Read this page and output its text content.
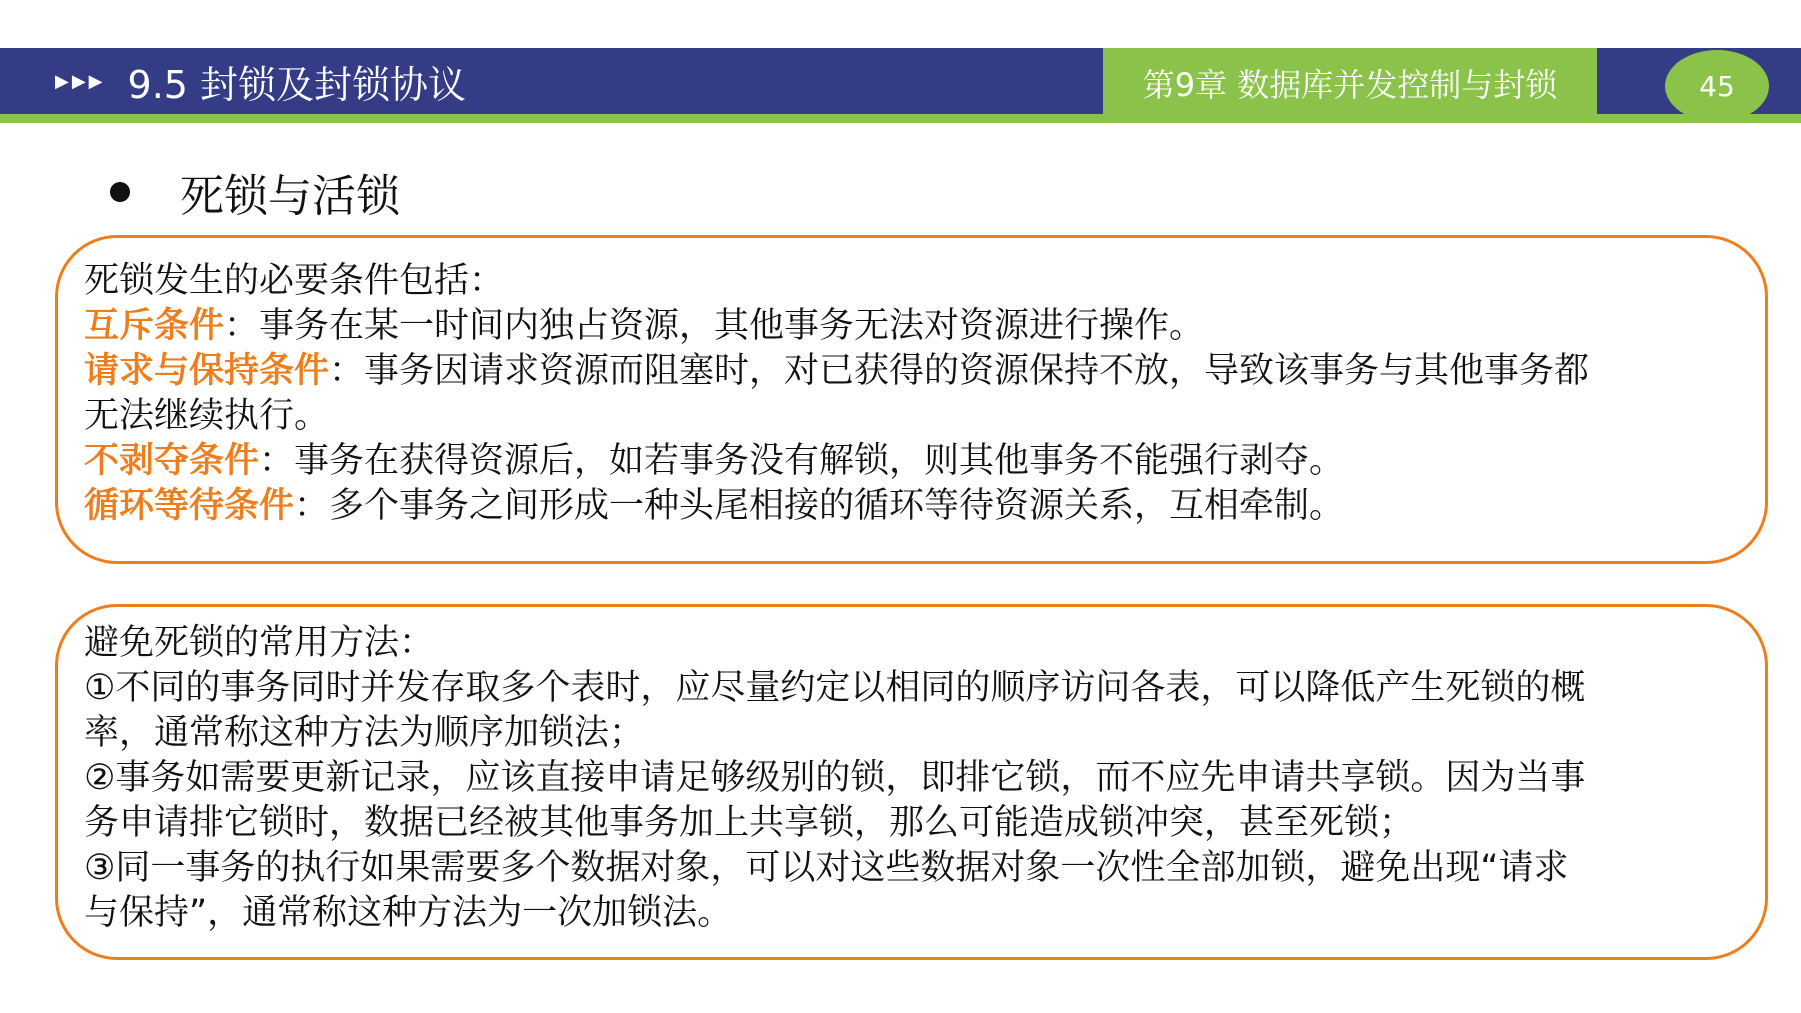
▶▶▶ 9.5 封锁及封锁协议	第9章 数据库并发控制与封锁	45
死锁与活锁
死锁发生的必要条件包括：
互斥条件：事务在某一时间内独占资源，其他事务无法对资源进行操作。
请求与保持条件：事务因请求资源而阻塞时，对已获得的资源保持不放，导致该事务与其他事务都
无法继续执行。
不剥夺条件：事务在获得资源后，如若事务没有解锁，则其他事务不能强行剥夺。
循环等待条件：多个事务之间形成一种头尾相接的循环等待资源关系，互相牵制。
避免死锁的常用方法：
①不同的事务同时并发存取多个表时，应尽量约定以相同的顺序访问各表，可以降低产生死锁的概
率，通常称这种方法为顺序加锁法；
②事务如需要更新记录，应该直接申请足够级别的锁，即排它锁，而不应先申请共享锁。因为当事
务申请排它锁时，数据已经被其他事务加上共享锁，那么可能造成锁冲突，甚至死锁；
③同一事务的执行如果需要多个数据对象，可以对这些数据对象一次性全部加锁，避免出现“请求
与保持”，通常称这种方法为一次加锁法。
